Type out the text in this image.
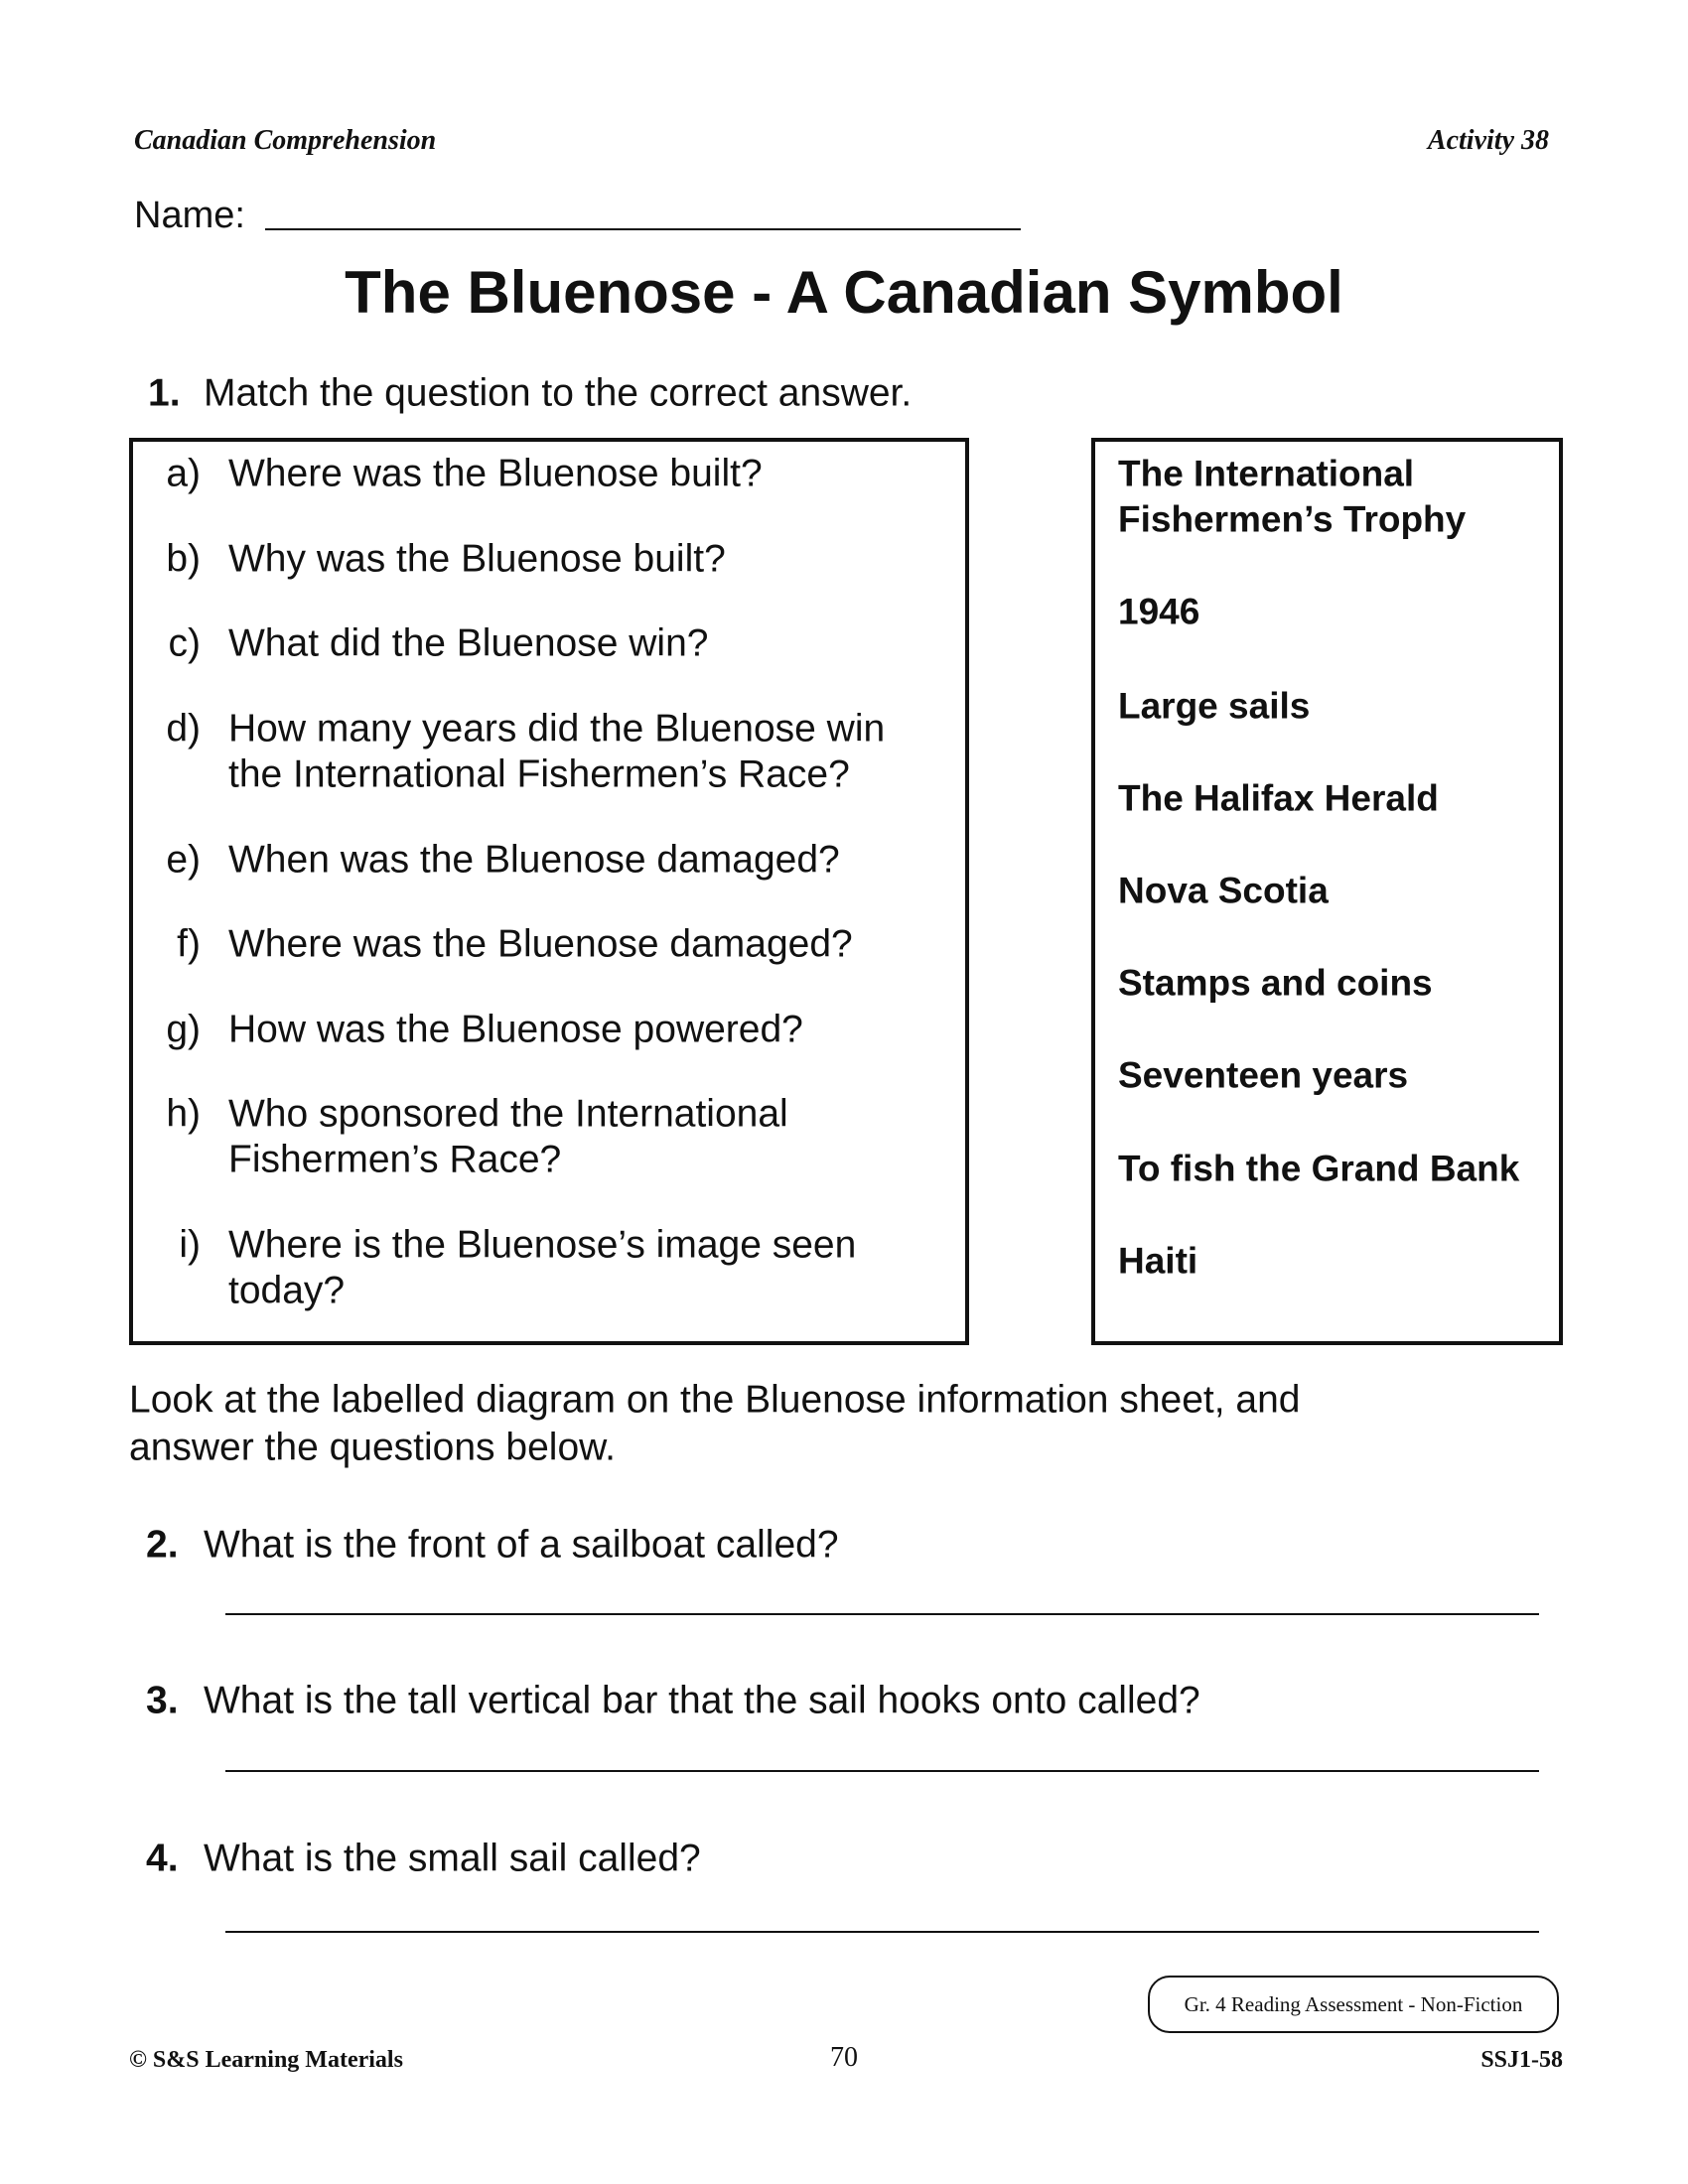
Canadian Comprehension	Activity 38
Name:
The Bluenose - A Canadian Symbol
1. Match the question to the correct answer.
a) Where was the Bluenose built?
b) Why was the Bluenose built?
c) What did the Bluenose win?
d) How many years did the Bluenose win
the International Fishermen’s Race?
e) When was the Bluenose damaged?
f) Where was the Bluenose damaged?
g) How was the Bluenose powered?
h) Who sponsored the International
Fishermen’s Race?
i) Where is the Bluenose’s image seen
today?
The International
Fishermen’s Trophy
1946
Large sails
The Halifax Herald
Nova Scotia
Stamps and coins
Seventeen years
To fish the Grand Bank
Haiti
Look at the labelled diagram on the Bluenose information sheet, and
answer the questions below.
2. What is the front of a sailboat called?
3. What is the tall vertical bar that the sail hooks onto called?
4. What is the small sail called?
Gr. 4 Reading Assessment - Non-Fiction
© S&S Learning Materials	70	SSJ1-58
